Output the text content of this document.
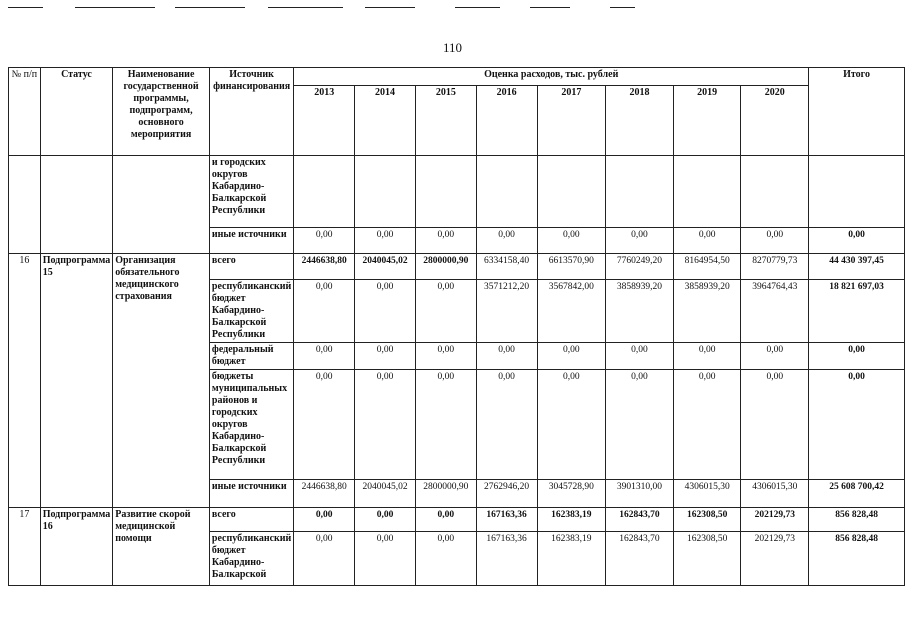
110
№ п/п	Статус	Наименование государственной программы, подпрограмм, основного мероприятия	Источник финансирования	Оценка расходов, тыс. рублей								Итого
				2013	2014	2015	2016	2017	2018	2019	2020	
			и городских округов Кабардино-Балкарской Республики									
			иные источники	0,00	0,00	0,00	0,00	0,00	0,00	0,00	0,00	0,00
16	Подпрограмма 15	Организация обязательного медицинского страхования	всего	2446638,80	2040045,02	2800000,90	6334158,40	6613570,90	7760249,20	8164954,50	8270779,73	44 430 397,45
			республиканский бюджет Кабардино-Балкарской Республики	0,00	0,00	0,00	3571212,20	3567842,00	3858939,20	3858939,20	3964764,43	18 821 697,03
			федеральный бюджет	0,00	0,00	0,00	0,00	0,00	0,00	0,00	0,00	0,00
			бюджеты муниципальных районов и городских округов Кабардино-Балкарской Республики	0,00	0,00	0,00	0,00	0,00	0,00	0,00	0,00	0,00
			иные источники	2446638,80	2040045,02	2800000,90	2762946,20	3045728,90	3901310,00	4306015,30	4306015,30	25 608 700,42
17	Подпрограмма 16	Развитие скорой медицинской помощи	всего	0,00	0,00	0,00	167163,36	162383,19	162843,70	162308,50	202129,73	856 828,48
			республиканский бюджет Кабардино-Балкарской	0,00	0,00	0,00	167163,36	162383,19	162843,70	162308,50	202129,73	856 828,48
